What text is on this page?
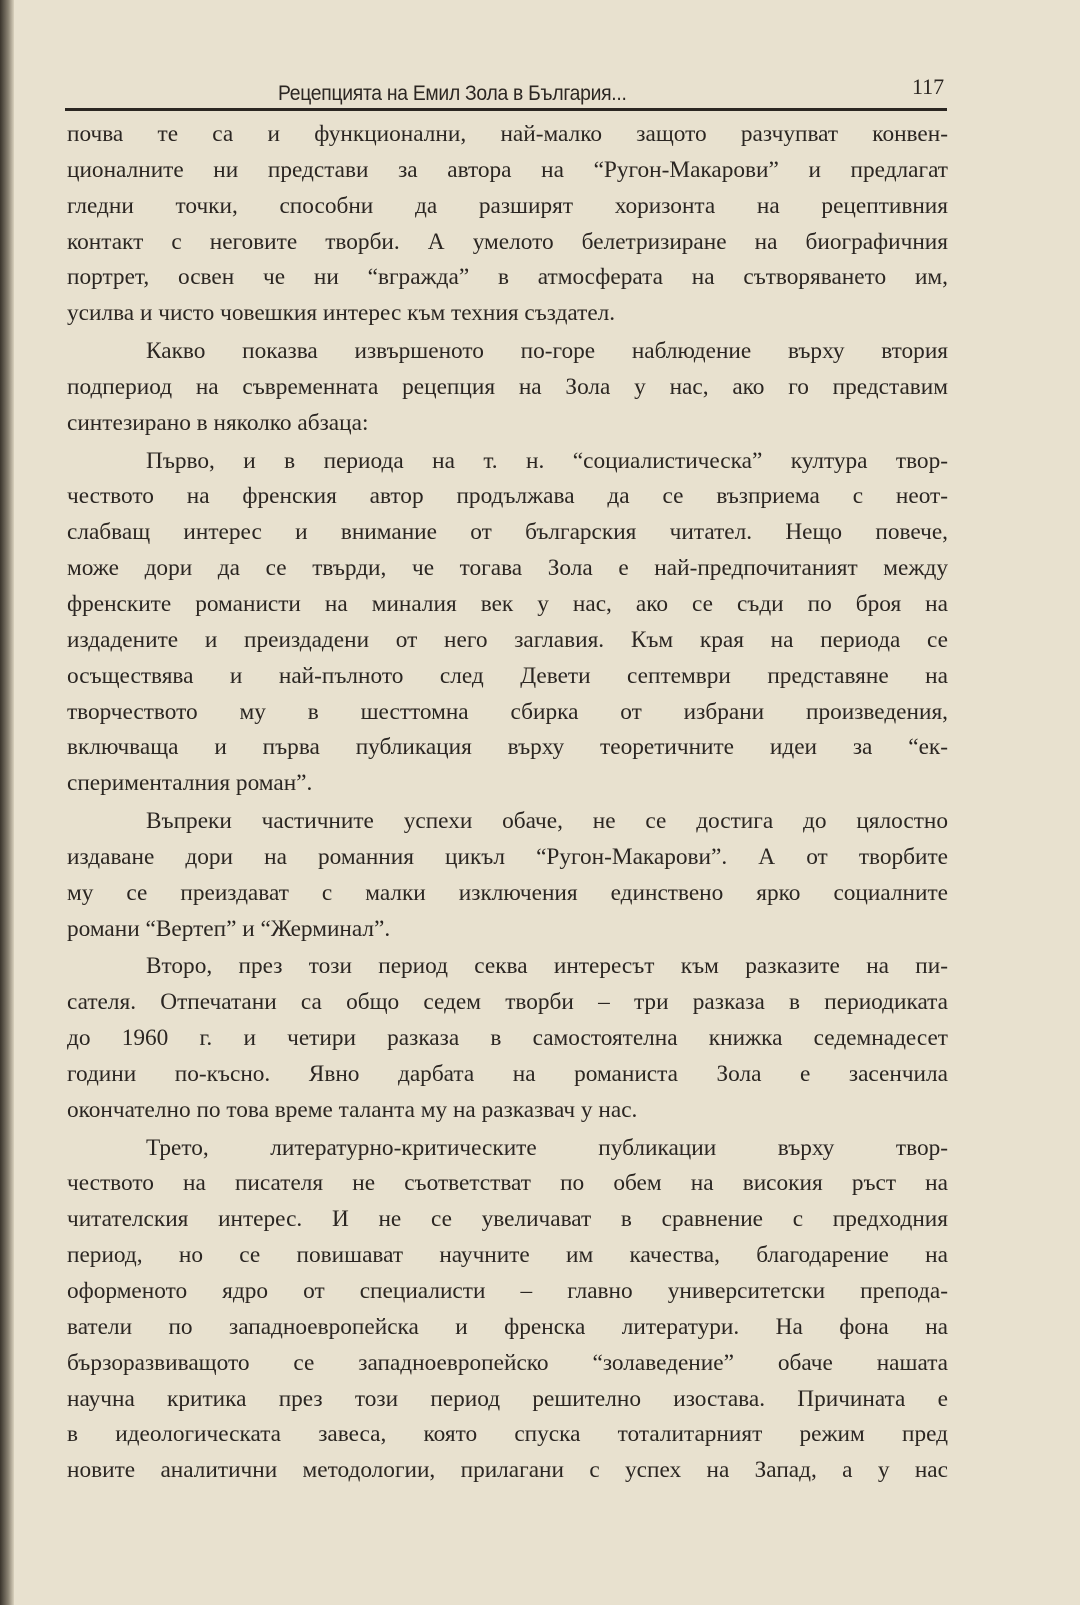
Рецепцията на Емил Зола в България...	117
почва те са и функционални, най-малко защото разчупват конвен-
ционалните ни представи за автора на “Ругон-Макарови” и предлагат
гледни точки, способни да разширят хоризонта на рецептивния
контакт с неговите творби. А умелото белетризиране на биографичния
портрет, освен че ни “вгражда” в атмосферата на сътворяването им,
усилва и чисто човешкия интерес към техния създател.
Какво показва извършеното по-горе наблюдение върху втория
подпериод на съвременната рецепция на Зола у нас, ако го представим
синтезирано в няколко абзаца:
Първо, и в периода на т. н. “социалистическа” култура твор-
чеството на френския автор продължава да се възприема с неот-
слабващ интерес и внимание от българския читател. Нещо повече,
може дори да се твърди, че тогава Зола е най-предпочитаният между
френските романисти на миналия век у нас, ако се съди по броя на
издадените и преиздадени от него заглавия. Към края на периода се
осъществява и най-пълното след Девети септември представяне на
творчеството му в шесттомна сбирка от избрани произведения,
включваща и първа публикация върху теоретичните идеи за “ек-
сперименталния роман”.
Въпреки частичните успехи обаче, не се достига до цялостно
издаване дори на романния цикъл “Ругон-Макарови”. А от творбите
му се преиздават с малки изключения единствено ярко социалните
романи “Вертеп” и “Жерминал”.
Второ, през този период секва интересът към разказите на пи-
сателя. Отпечатани са общо седем творби – три разказа в периодиката
до 1960 г. и четири разказа в самостоятелна книжка седемнадесет
години по-късно. Явно дарбата на романиста Зола е засенчила
окончателно по това време таланта му на разказвач у нас.
Трето, литературно-критическите публикации върху твор-
чеството на писателя не съответстват по обем на високия ръст на
читателския интерес. И не се увеличават в сравнение с предходния
период, но се повишават научните им качества, благодарение на
оформеното ядро от специалисти – главно университетски препода-
ватели по западноевропейска и френска литератури. На фона на
бързоразвиващото се западноевропейско “золаведение” обаче нашата
научна критика през този период решително изостава. Причината е
в идеологическата завеса, която спуска тоталитарният режим пред
новите аналитични методологии, прилагани с успех на Запад, а у нас
